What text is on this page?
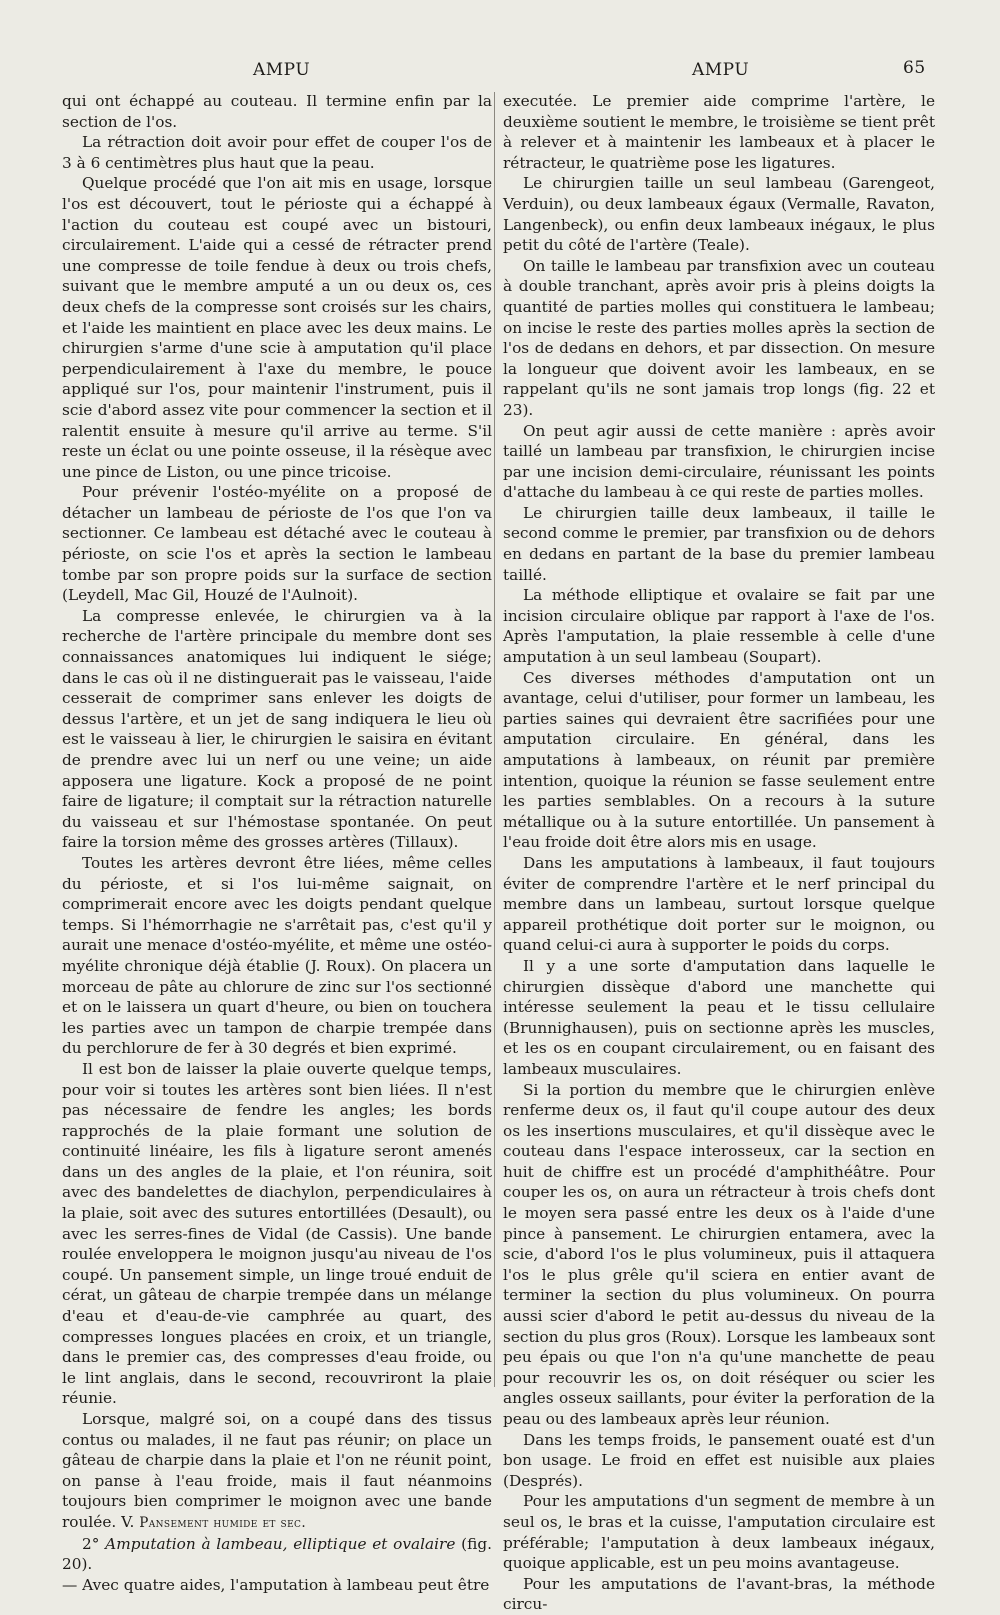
AMPU	AMPU	65

qui ont échappé au couteau. Il termine enfin par la section de l'os.

La rétraction doit avoir pour effet de couper l'os de 3 à 6 centimètres plus haut que la peau.

Quelque procédé que l'on ait mis en usage, lorsque l'os est découvert, tout le périoste qui a échappé à l'action du couteau est coupé avec un bistouri, circulairement. L'aide qui a cessé de rétracter prend une compresse de toile fendue à deux ou trois chefs, suivant que le membre amputé a un ou deux os, ces deux chefs de la compresse sont croisés sur les chairs, et l'aide les maintient en place avec les deux mains. Le chirurgien s'arme d'une scie à amputation qu'il place perpendiculairement à l'axe du membre, le pouce appliqué sur l'os, pour maintenir l'instrument, puis il scie d'abord assez vite pour commencer la section et il ralentit ensuite à mesure qu'il arrive au terme. S'il reste un éclat ou une pointe osseuse, il la résèque avec une pince de Liston, ou une pince tricoise.

Pour prévenir l'ostéo-myélite on a proposé de détacher un lambeau de périoste de l'os que l'on va sectionner. Ce lambeau est détaché avec le couteau à périoste, on scie l'os et après la section le lambeau tombe par son propre poids sur la surface de section (Leydell, Mac Gil, Houzé de l'Aulnoit).

La compresse enlevée, le chirurgien va à la recherche de l'artère principale du membre dont ses connaissances anatomiques lui indiquent le siége; dans le cas où il ne distinguerait pas le vaisseau, l'aide cesserait de comprimer sans enlever les doigts de dessus l'artère, et un jet de sang indiquera le lieu où est le vaisseau à lier, le chirurgien le saisira en évitant de prendre avec lui un nerf ou une veine; un aide apposera une ligature. Kock a proposé de ne point faire de ligature; il comptait sur la rétraction naturelle du vaisseau et sur l'hémostase spontanée. On peut faire la torsion même des grosses artères (Tillaux).

Toutes les artères devront être liées, même celles du périoste, et si l'os lui-même saignait, on comprimerait encore avec les doigts pendant quelque temps. Si l'hémorrhagie ne s'arrêtait pas, c'est qu'il y aurait une menace d'ostéo-myélite, et même une ostéo-myélite chronique déjà établie (J. Roux). On placera un morceau de pâte au chlorure de zinc sur l'os sectionné et on le laissera un quart d'heure, ou bien on touchera les parties avec un tampon de charpie trempée dans du perchlorure de fer à 30 degrés et bien exprimé.

Il est bon de laisser la plaie ouverte quelque temps, pour voir si toutes les artères sont bien liées. Il n'est pas nécessaire de fendre les angles; les bords rapprochés de la plaie formant une solution de continuité linéaire, les fils à ligature seront amenés dans un des angles de la plaie, et l'on réunira, soit avec des bandelettes de diachylon, perpendiculaires à la plaie, soit avec des sutures entortillées (Desault), ou avec les serres-fines de Vidal (de Cassis). Une bande roulée enveloppera le moignon jusqu'au niveau de l'os coupé. Un pansement simple, un linge troué enduit de cérat, un gâteau de charpie trempée dans un mélange d'eau et d'eau-de-vie camphrée au quart, des compresses longues placées en croix, et un triangle, dans le premier cas, des compresses d'eau froide, ou le lint anglais, dans le second, recouvriront la plaie réunie.

Lorsque, malgré soi, on a coupé dans des tissus contus ou malades, il ne faut pas réunir; on place un gâteau de charpie dans la plaie et l'on ne réunit point, on panse à l'eau froide, mais il faut néanmoins toujours bien comprimer le moignon avec une bande roulée. V. Pansement humide et sec.

2° Amputation à lambeau, elliptique et ovalaire (fig. 20).

— Avec quatre aides, l'amputation à lambeau peut être

executée. Le premier aide comprime l'artère, le deuxième soutient le membre, le troisième se tient prêt à relever et à maintenir les lambeaux et à placer le rétracteur, le quatrième pose les ligatures.

Le chirurgien taille un seul lambeau (Garengeot, Verduin), ou deux lambeaux égaux (Vermalle, Ravaton, Langenbeck), ou enfin deux lambeaux inégaux, le plus petit du côté de l'artère (Teale).

On taille le lambeau par transfixion avec un couteau à double tranchant, après avoir pris à pleins doigts la quantité de parties molles qui constituera le lambeau; on incise le reste des parties molles après la section de l'os de dedans en dehors, et par dissection. On mesure la longueur que doivent avoir les lambeaux, en se rappelant qu'ils ne sont jamais trop longs (fig. 22 et 23).

On peut agir aussi de cette manière : après avoir taillé un lambeau par transfixion, le chirurgien incise par une incision demi-circulaire, réunissant les points d'attache du lambeau à ce qui reste de parties molles.

Le chirurgien taille deux lambeaux, il taille le second comme le premier, par transfixion ou de dehors en dedans en partant de la base du premier lambeau taillé.

La méthode elliptique et ovalaire se fait par une incision circulaire oblique par rapport à l'axe de l'os. Après l'amputation, la plaie ressemble à celle d'une amputation à un seul lambeau (Soupart).

Ces diverses méthodes d'amputation ont un avantage, celui d'utiliser, pour former un lambeau, les parties saines qui devraient être sacrifiées pour une amputation circulaire. En général, dans les amputations à lambeaux, on réunit par première intention, quoique la réunion se fasse seulement entre les parties semblables. On a recours à la suture métallique ou à la suture entortillée. Un pansement à l'eau froide doit être alors mis en usage.

Dans les amputations à lambeaux, il faut toujours éviter de comprendre l'artère et le nerf principal du membre dans un lambeau, surtout lorsque quelque appareil prothétique doit porter sur le moignon, ou quand celui-ci aura à supporter le poids du corps.

Il y a une sorte d'amputation dans laquelle le chirurgien dissèque d'abord une manchette qui intéresse seulement la peau et le tissu cellulaire (Brunnighausen), puis on sectionne après les muscles, et les os en coupant circulairement, ou en faisant des lambeaux musculaires.

Si la portion du membre que le chirurgien enlève renferme deux os, il faut qu'il coupe autour des deux os les insertions musculaires, et qu'il dissèque avec le couteau dans l'espace interosseux, car la section en huit de chiffre est un procédé d'amphithéâtre. Pour couper les os, on aura un rétracteur à trois chefs dont le moyen sera passé entre les deux os à l'aide d'une pince à pansement. Le chirurgien entamera, avec la scie, d'abord l'os le plus volumineux, puis il attaquera l'os le plus grêle qu'il sciera en entier avant de terminer la section du plus volumineux. On pourra aussi scier d'abord le petit au-dessus du niveau de la section du plus gros (Roux). Lorsque les lambeaux sont peu épais ou que l'on n'a qu'une manchette de peau pour recouvrir les os, on doit réséquer ou scier les angles osseux saillants, pour éviter la perforation de la peau ou des lambeaux après leur réunion.

Dans les temps froids, le pansement ouaté est d'un bon usage. Le froid en effet est nuisible aux plaies (Després).

Pour les amputations d'un segment de membre à un seul os, le bras et la cuisse, l'amputation circulaire est préférable; l'amputation à deux lambeaux inégaux, quoique applicable, est un peu moins avantageuse.

Pour les amputations de l'avant-bras, la méthode circu-
